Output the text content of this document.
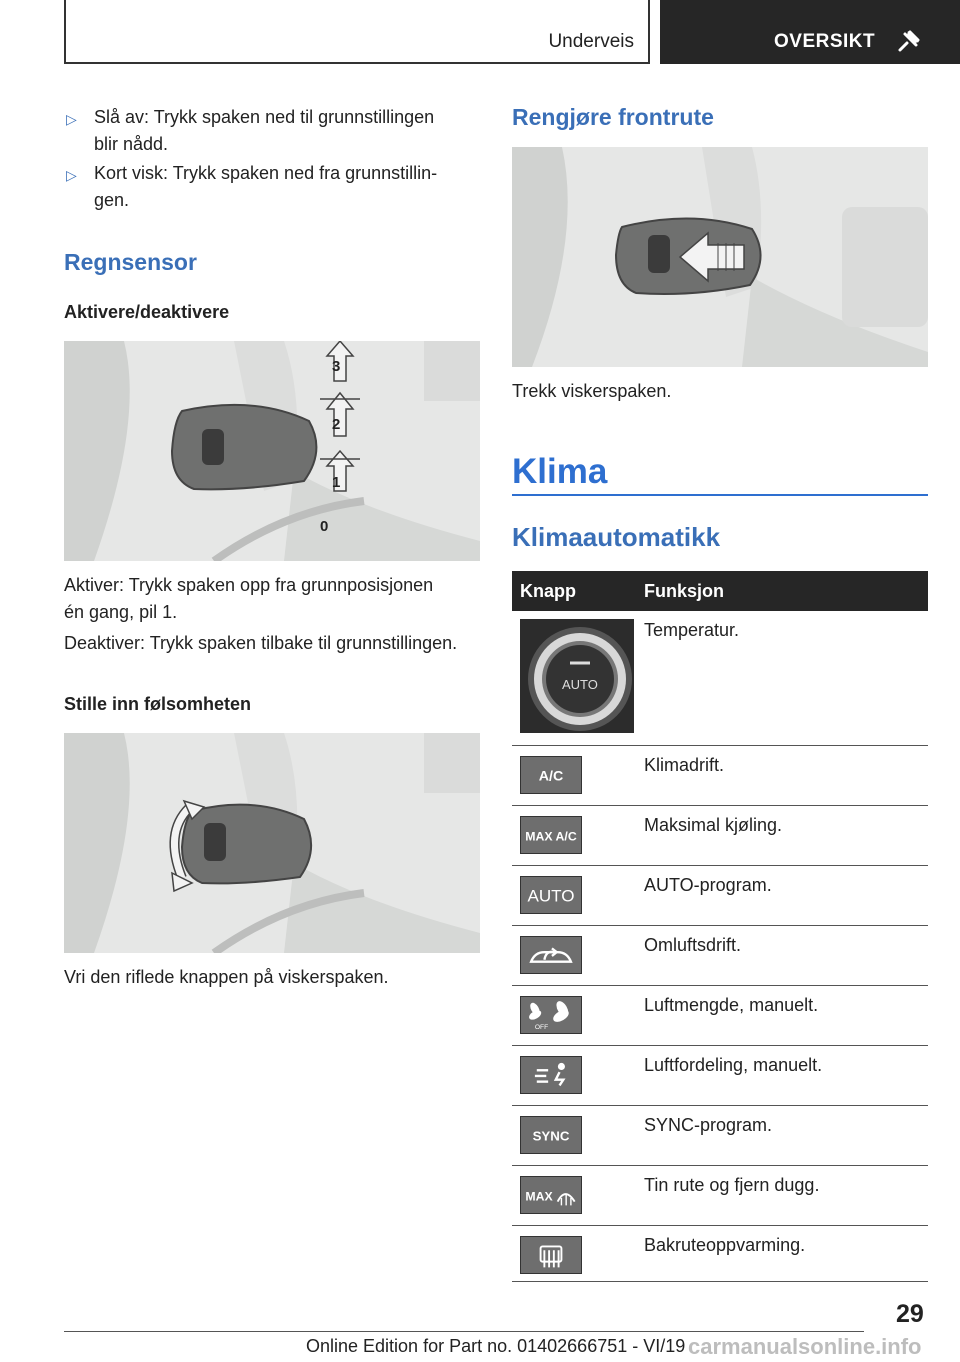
Underveis	OVERSIKT
▷ Slå av: Trykk spaken ned til grunnstillingen
blir nådd.
▷ Kort visk: Trykk spaken ned fra grunnstillin‐
gen.
Regnsensor
Aktivere/deaktivere
3
2
1
0
Aktiver: Trykk spaken opp fra grunnposisjonen
én gang, pil 1.
Deaktiver: Trykk spaken tilbake til grunnstillingen.
Stille inn følsomheten
Vri den riflede knappen på viskerspaken.
Rengjøre frontrute
Trekk viskerspaken.
Klima
Klimaautomatikk
Knapp	Funksjon
AUTO
Temperatur.
A/C
Klimadrift.
MAX A/C
Maksimal kjøling.
AUTO
AUTO-program.
Omluftsdrift.
OFF
Luftmengde, manuelt.
Luftfordeling, manuelt.
SYNC
SYNC-program.
MAX
Tin rute og fjern dugg.
Bakruteoppvarming.
29
Online Edition for Part no. 01402666751 - VI/19 carmanualsonline.info
